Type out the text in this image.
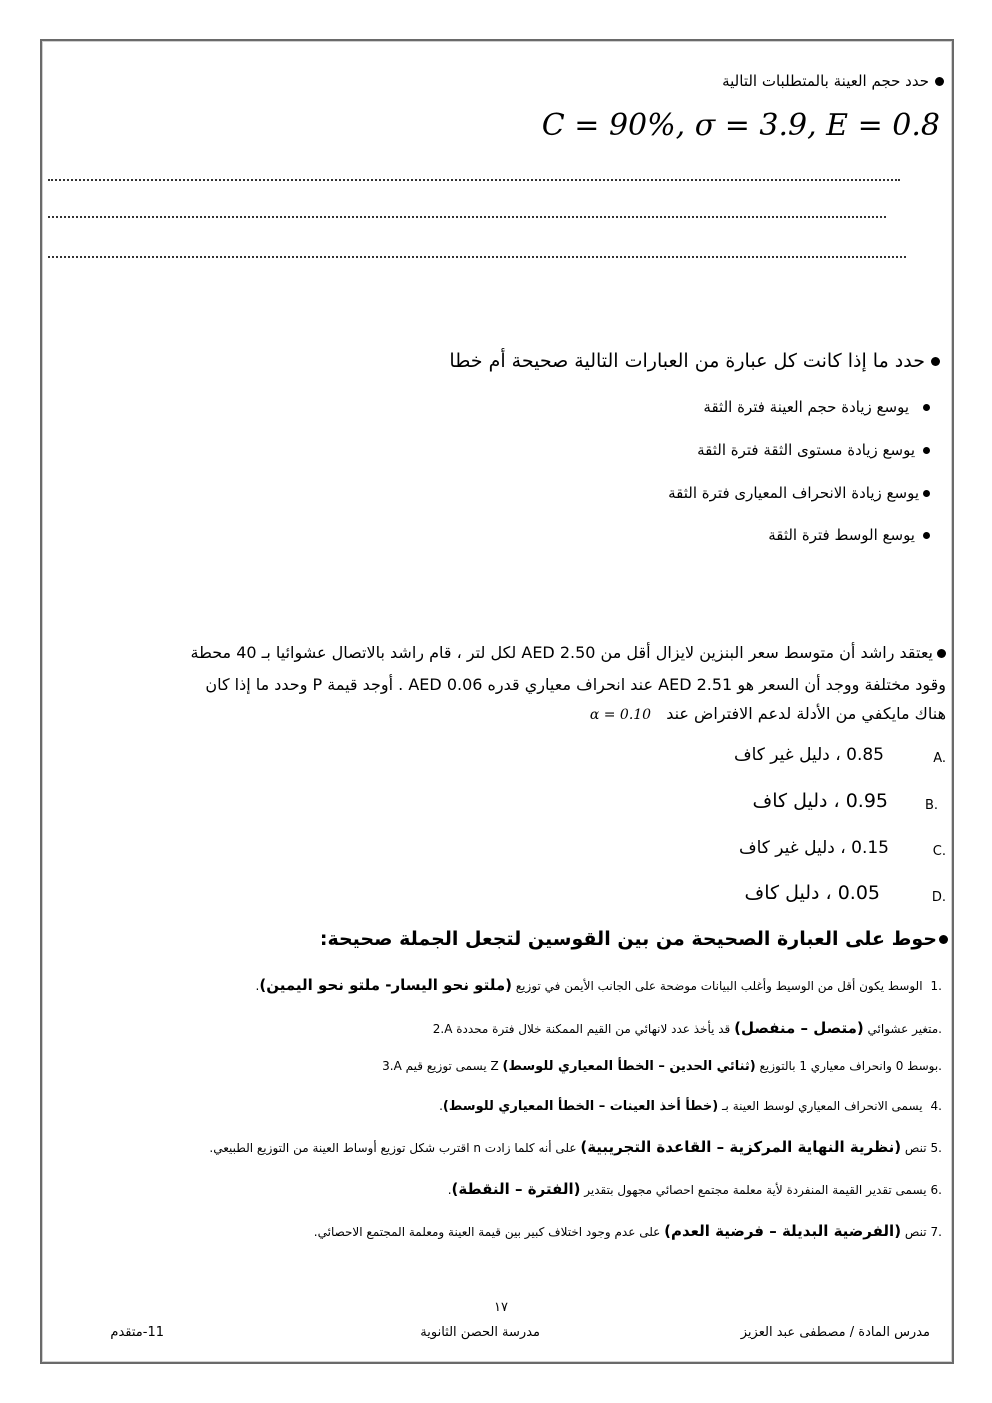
حدد حجم العينة بالمتطلبات التالية
C = 90%, σ = 3.9, E = 0.8
حدد ما إذا كانت كل عبارة من العبارات التالية صحيحة أم خطا
يوسع زيادة حجم العينة فترة الثقة
يوسع زيادة مستوى الثقة فترة الثقة
يوسع زيادة الانحراف المعيارى فترة الثقة
يوسع الوسط فترة الثقة
يعتقد راشد أن متوسط سعر البنزين لايزال أقل من AED 2.50 لكل لتر ، قام راشد بالاتصال عشوائيا بـ 40 محطة
وقود مختلفة ووجد أن السعر هو AED 2.51 عند انحراف معياري قدره AED 0.06 . أوجد قيمة P وحدد ما إذا كان
هناك مايكفي من الأدلة لدعم الافتراض عند α = 0.10
A.
0.85 ، دليل غير كاف
B.
0.95 ، دليل كاف
C.
0.15 ، دليل غير كاف
D.
0.05 ، دليل كاف
حوط على العبارة الصحيحة من بين القوسين لتجعل الجملة صحيحة:
1.الوسط يكون أقل من الوسيط وأغلب البيانات موضحة على الجانب الأيمن في توزيع (ملتو نحو اليسار- ملتو نحو اليمين).
2.A متغير عشوائي (متصل – منفصل) قد يأخذ عدد لانهائي من القيم الممكنة خلال فترة محددة.
3.A يسمى توزيع قيم Z بوسط 0 وانحراف معياري 1 بالتوزيع (ثنائي الحدين – الخطأ المعياري للوسط)	.
4.يسمى الانحراف المعياري لوسط العينة بـ (خطأ أخذ العينات – الخطأ المعياري للوسط).
5.تنص (نظرية النهاية المركزية – القاعدة التجريبية) على أنه كلما زادت n اقترب شكل توزيع أوساط العينة من التوزيع الطبيعي.
6.يسمى تقدير القيمة المنفردة لأية معلمة مجتمع احصائي مجهول بتقدير (الفترة – النقطة).
7.تنص (الفرضية البديلة – فرضية العدم) على عدم وجود اختلاف كبير بين قيمة العينة ومعلمة المجتمع الاحصائي.
١٧
مدرس المادة / مصطفى عبد العزيز
مدرسة الحصن الثانوية
11-متقدم
